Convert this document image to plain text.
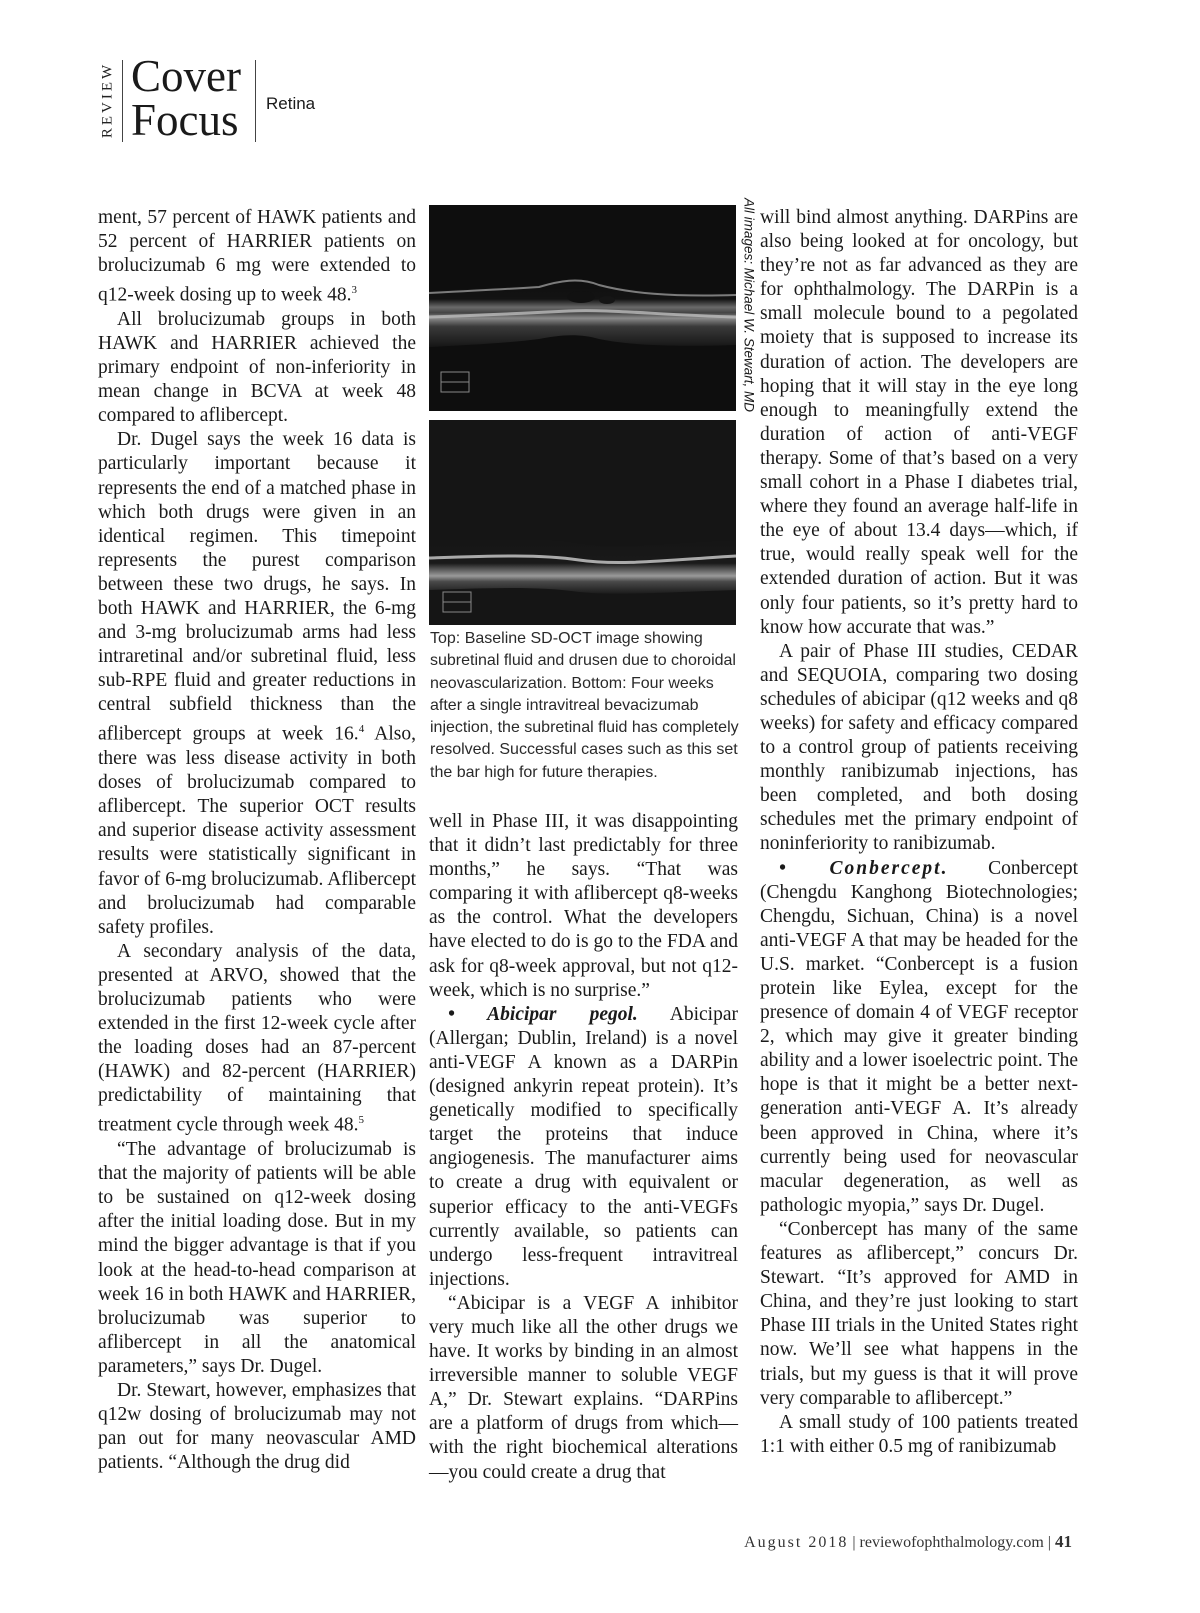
REVIEW Cover
Focus Retina

ment, 57 percent of HAWK patients and 52 percent of HARRIER patients on brolucizumab 6 mg were extended to q12-week dosing up to week 48.$^3$

All brolucizumab groups in both HAWK and HARRIER achieved the primary endpoint of non-inferiority in mean change in BCVA at week 48 compared to aflibercept.

Dr. Dugel says the week 16 data is particularly important because it represents the end of a matched phase in which both drugs were given in an identical regimen. This timepoint represents the purest comparison between these two drugs, he says. In both HAWK and HARRIER, the 6-mg and 3-mg brolucizumab arms had less intraretinal and/or subretinal fluid, less sub-RPE fluid and greater reductions in central subfield thickness than the aflibercept groups at week 16.$^4$ Also, there was less disease activity in both doses of brolucizumab compared to aflibercept. The superior OCT results and superior disease activity assessment results were statistically significant in favor of 6-mg brolucizumab. Aflibercept and brolucizumab had comparable safety profiles.

A secondary analysis of the data, presented at ARVO, showed that the brolucizumab patients who were extended in the first 12-week cycle after the loading doses had an 87-percent (HAWK) and 82-percent (HARRIER) predictability of maintaining that treatment cycle through week 48.$^5$

“The advantage of brolucizumab is that the majority of patients will be able to be sustained on q12-week dosing after the initial loading dose. But in my mind the bigger advantage is that if you look at the head-to-head comparison at week 16 in both HAWK and HARRIER, brolucizumab was superior to aflibercept in all the anatomical parameters,” says Dr. Dugel.

Dr. Stewart, however, emphasizes that q12w dosing of brolucizumab may not pan out for many neovascular AMD patients. “Although the drug did

All images: Michael W. Stewart, MD
Top: Baseline SD-OCT image showing subretinal fluid and drusen due to choroidal neovascularization. Bottom: Four weeks after a single intravitreal bevacizumab injection, the subretinal fluid has completely resolved. Successful cases such as this set the bar high for future therapies.

well in Phase III, it was disappointing that it didn’t last predictably for three months,” he says. “That was comparing it with aflibercept q8-weeks as the control. What the developers have elected to do is go to the FDA and ask for q8-week approval, but not q12-week, which is no surprise.”

• Abicipar pegol. Abicipar (Allergan; Dublin, Ireland) is a novel anti-VEGF A known as a DARPin (designed ankyrin repeat protein). It’s genetically modified to specifically target the proteins that induce angiogenesis. The manufacturer aims to create a drug with equivalent or superior efficacy to the anti-VEGFs currently available, so patients can undergo less-frequent intravitreal injections.

“Abicipar is a VEGF A inhibitor very much like all the other drugs we have. It works by binding in an almost irreversible manner to soluble VEGF A,” Dr. Stewart explains. “DARPins are a platform of drugs from which—with the right biochemical alterations—you could create a drug that

will bind almost anything. DARPins are also being looked at for oncology, but they’re not as far advanced as they are for ophthalmology. The DARPin is a small molecule bound to a pegolated moiety that is supposed to increase its duration of action. The developers are hoping that it will stay in the eye long enough to meaningfully extend the duration of action of anti-VEGF therapy. Some of that’s based on a very small cohort in a Phase I diabetes trial, where they found an average half-life in the eye of about 13.4 days—which, if true, would really speak well for the extended duration of action. But it was only four patients, so it’s pretty hard to know how accurate that was.”

A pair of Phase III studies, CEDAR and SEQUOIA, comparing two dosing schedules of abicipar (q12 weeks and q8 weeks) for safety and efficacy compared to a control group of patients receiving monthly ranibizumab injections, has been completed, and both dosing schedules met the primary endpoint of noninferiority to ranibizumab.

• Conbercept. Conbercept (Chengdu Kanghong Biotechnologies; Chengdu, Sichuan, China) is a novel anti-VEGF A that may be headed for the U.S. market. “Conbercept is a fusion protein like Eylea, except for the presence of domain 4 of VEGF receptor 2, which may give it greater binding ability and a lower isoelectric point. The hope is that it might be a better next-generation anti-VEGF A. It’s already been approved in China, where it’s currently being used for neovascular macular degeneration, as well as pathologic myopia,” says Dr. Dugel.

“Conbercept has many of the same features as aflibercept,” concurs Dr. Stewart. “It’s approved for AMD in China, and they’re just looking to start Phase III trials in the United States right now. We’ll see what happens in the trials, but my guess is that it will prove very comparable to aflibercept.”

A small study of 100 patients treated 1:1 with either 0.5 mg of ranibizumab

August 2018 | reviewofophthalmology.com | 41
